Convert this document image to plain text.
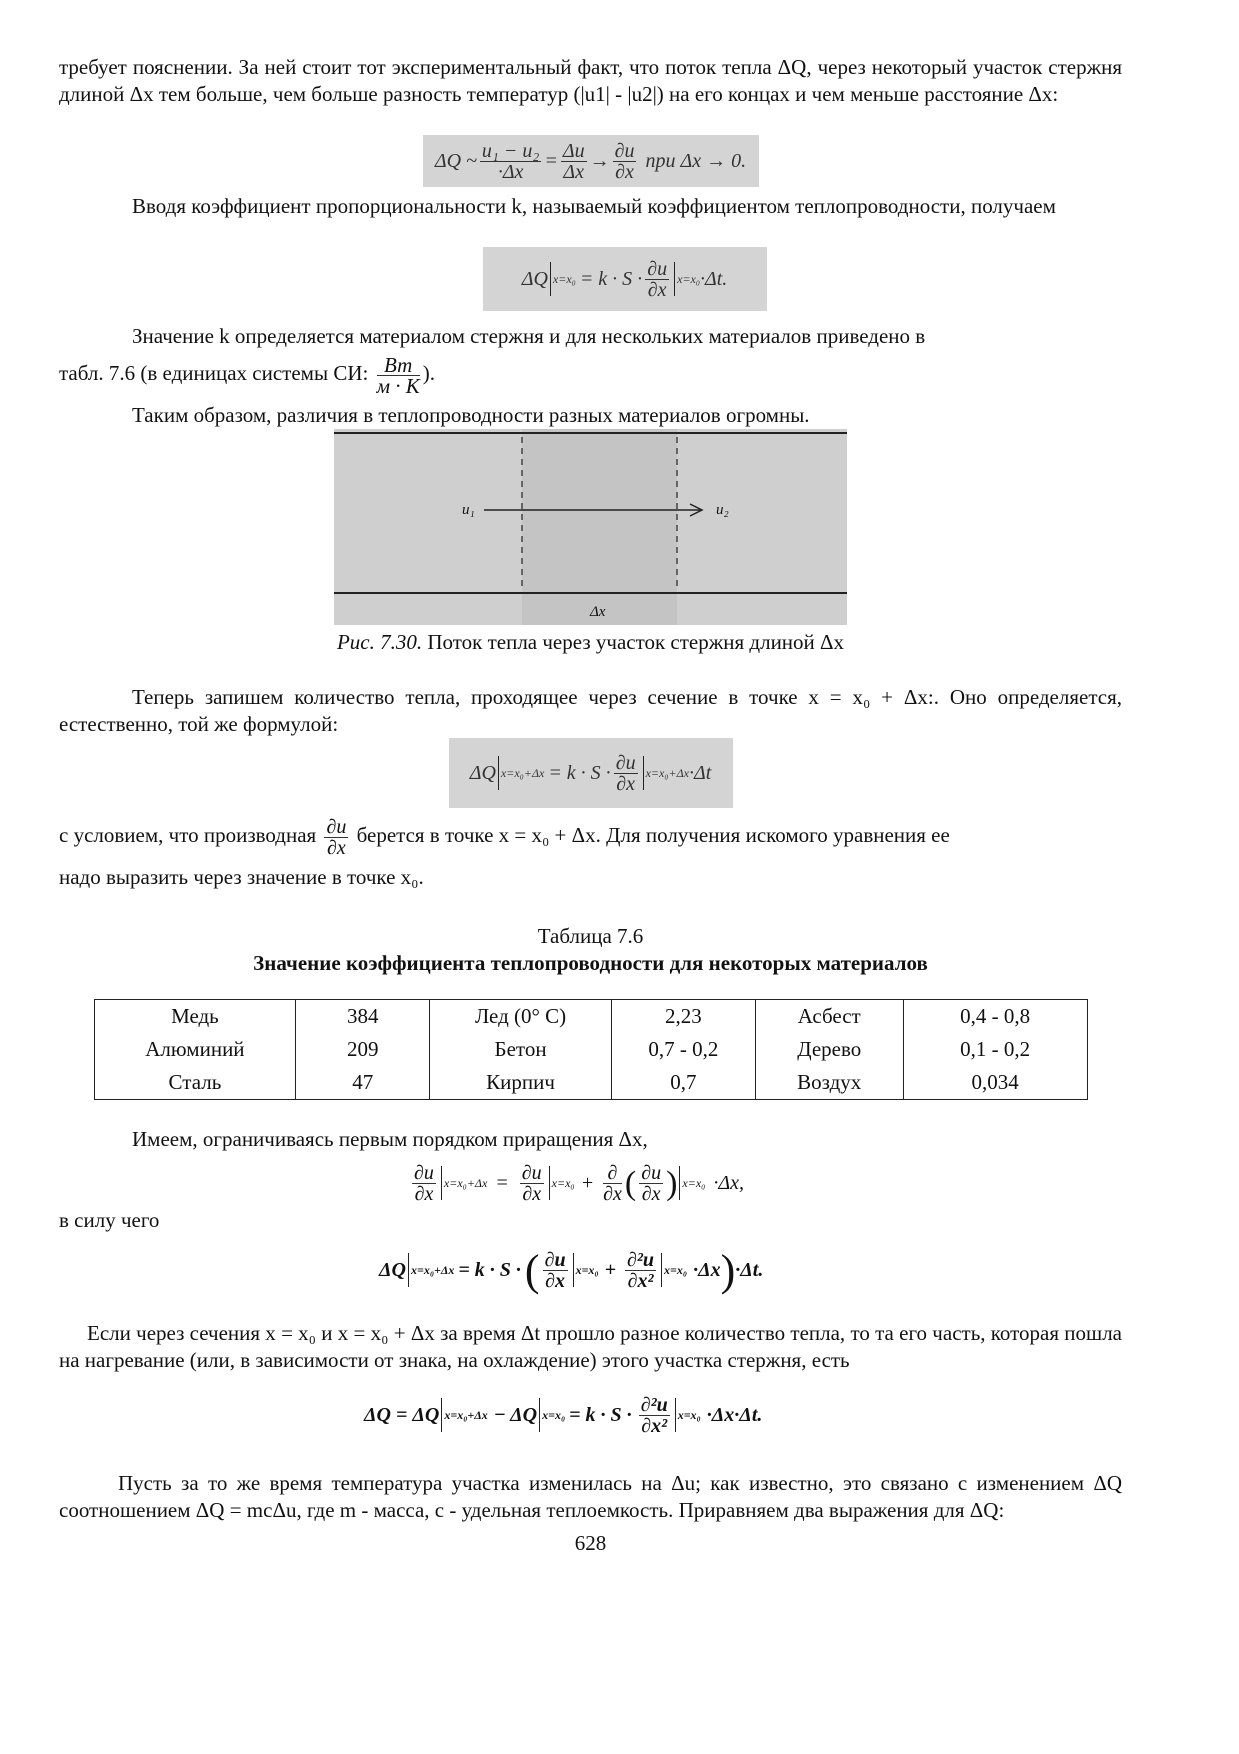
требует пояснении. За ней стоит тот экспериментальный факт, что поток тепла ΔQ, через некоторый участок стержня длиной Δx тем больше, чем больше разность температур (|u1| - |u2|) на его концах и чем меньше расстояние Δx:

ΔQ ~ $\frac{\text{u₁ − u₂}}{\cdot\Delta x} = \frac{\Delta u}{\Delta x} \to \frac{\partial u}{\partial x}$ при Δx → 0.

Вводя коэффициент пропорциональности k, называемый коэффициентом теплопроводности, получаем

ΔQ $x=x_0 = k \cdot S \cdot \frac{\partial u}{\partial x} x=x_0 \cdot\Delta t$.

Значение k определяется материалом стержня и для нескольких материалов приведено в

табл. 7.6 (в единицах системы СИ: $\frac{Вт}{м \cdot К}$ ).

Таким образом, различия в теплопроводности разных материалов огромны.

u₁	u₂
Δx

Рис. 7.30. Поток тепла через участок стержня длиной Δx

Теперь запишем количество тепла, проходящее через сечение в точке x = x₀ + Δx:. Оно определяется, естественно, той же формулой:

ΔQ $x=x_0+\Delta x = k \cdot S \cdot \frac{\partial u}{\partial x} x=x_0+\Delta x \cdot\Delta t$

с условием, что производная $\frac{\partial u}{\partial x}$ берется в точке x = x₀ + Δx. Для получения искомого уравнения ее

надо выразить через значение в точке x₀.

Таблица 7.6

Значение коэффициента теплопроводности для некоторых материалов

Медь	384	Лед (0° С)	2,23	Асбест	0,4 - 0,8
Алюминий	209	Бетон	0,7 - 0,2	Дерево	0,1 - 0,2
Сталь	47	Кирпич	0,7	Воздух	0,034

Имеем, ограничиваясь первым порядком приращения Δx,

$\frac{\partial u}{\partial x} x=x_0+\Delta x = \frac{\partial u}{\partial x} x=x_0 + \frac{\partial}{\partial x}$ ( $\frac{\partial u}{\partial x}$ ) x=x₀ ·Δx,

в силу чего

ΔQ x=x₀+Δx = k · S · ( $\frac{\partial u}{\partial x} x=x_0 + \frac{\text{∂²u}}{\text{∂x²}} x=x_0 \cdot\Delta x$ ) ·Δt.

Если через сечения x = x₀ и x = x₀ + Δx за время Δt прошло разное количество тепла, то та его часть, которая пошла на нагревание (или, в зависимости от знака, на охлаждение) этого участка стержня, есть

ΔQ = ΔQ x=x₀+Δx − ΔQ $x=x_0 = k \cdot S \cdot \frac{\text{∂²u}}{\text{∂x²}} x=x_0 \cdot\Delta x\cdot\Delta t$.

Пусть за то же время температура участка изменилась на Δu; как известно, это связано с изменением ΔQ соотношением ΔQ = mcΔu, где m - масса, c - удельная теплоемкость. Приравняем два выражения для ΔQ:

628
